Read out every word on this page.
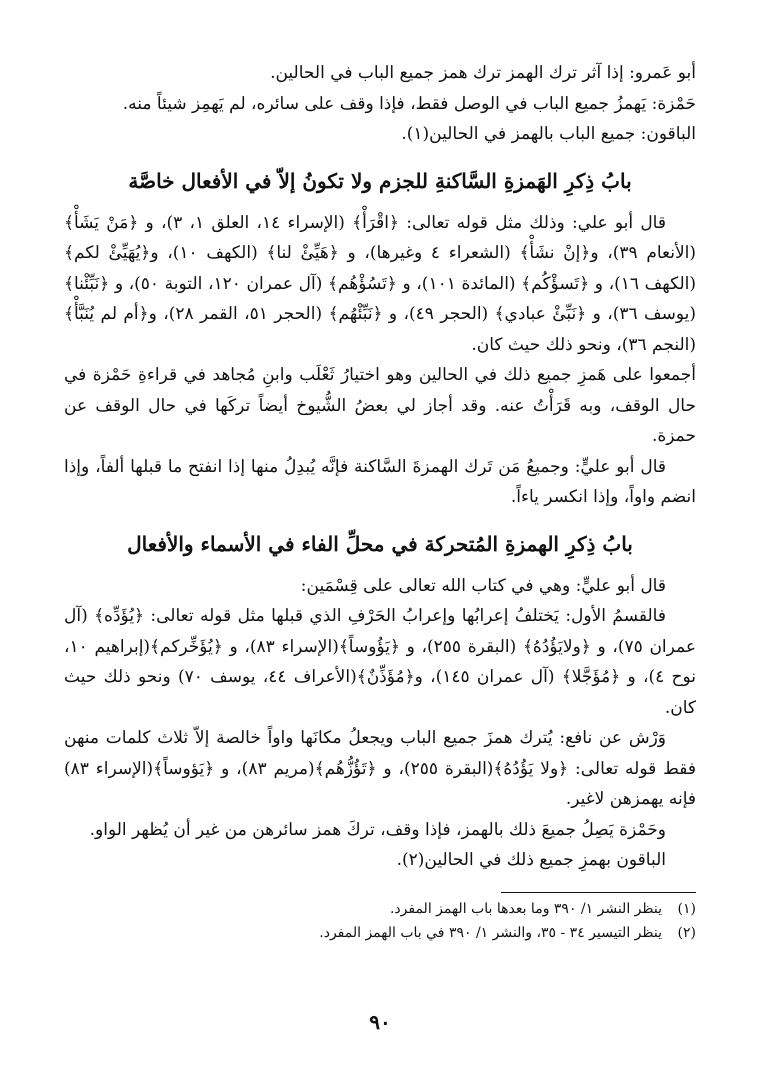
أبو عَمرو: إذا آثر ترك الهمز ترك همز جميع الباب في الحالين.
حَمْزة: يَهمزُ جميع الباب في الوصل فقط، فإذا وقف على سائره، لم يَهمِز شيئاً منه.
الباقون: جميع الباب بالهمز في الحالين(١).
بابُ ذِكرِ الهَمزةِ السَّاكنةِ للجزم ولا تكونُ إلاّ في الأفعال خاصَّة
قال أبو علي: وذلك مثل قوله تعالى: ﴿اقْرَأْ﴾ (الإسراء ١٤، العلق ١، ٣)، و ﴿مَنْ يَشَأْ﴾ (الأنعام ٣٩)، و﴿إنْ نشَأْ﴾ (الشعراء ٤ وغيرها)، و ﴿هَيِّئْ لنا﴾ (الكهف ١٠)، و﴿يُهَيِّئْ لكم﴾ (الكهف ١٦)، و ﴿تَسؤْكُم﴾ (المائدة ١٠١)، و ﴿تَسُؤْهُم﴾ (آل عمران ١٢٠، التوبة ٥٠)، و ﴿نَبِّئْنا﴾ (يوسف ٣٦)، و ﴿نَبِّئْ عبادي﴾ (الحجر ٤٩)، و ﴿نَبِّئْهُم﴾ (الحجر ٥١، القمر ٢٨)، و﴿أم لم يُنَبَّأْ﴾ (النجم ٣٦)، ونحو ذلك حيث كان.
أجمعوا على هَمزِ جميع ذلك في الحالين وهو اختيارُ ثَعْلَب وابنِ مُجاهد في قراءةِ حَمْزة في حال الوقف، وبه قَرَأْتُ عنه. وقد أجاز لي بعضُ الشُّيوخ أيضاً تركَها في حال الوقف عن حمزة.
قال أبو عليٍّ: وجميعُ مَن تَرك الهمزةَ السَّاكنة فإنَّه يُبدِلُ منها إذا انفتح ما قبلها ألفاً، وإذا انضم واواً، وإذا انكسر ياءاً.
بابُ ذِكرِ الهمزةِ المُتحركة في محلِّ الفاء في الأسماء والأفعال
قال أبو عليٍّ: وهي في كتاب الله تعالى على قِسْمَين:
فالقسمُ الأول: يَختلفُ إعرابُها وإعرابُ الحَرْفِ الذي قبلها مثل قوله تعالى: ﴿يُؤَدِّه﴾ (آل عمران ٧٥)، و ﴿ولايَؤُدُهُ﴾ (البقرة ٢٥٥)، و ﴿يَؤُوساً﴾(الإسراء ٨٣)، و ﴿يُؤَخِّركم﴾(إبراهيم ١٠، نوح ٤)، و ﴿مُؤَجَّلا﴾ (آل عمران ١٤٥)، و﴿مُؤَذِّنٌ﴾(الأعراف ٤٤، يوسف ٧٠) ونحو ذلك حيث كان.
وَرْش عن نافع: يُترك همزَ جميع الباب ويجعلُ مكانَها واواً خالصة إلاّ ثلاث كلمات منهن فقط قوله تعالى: ﴿ولا يَؤُدُهُ﴾(البقرة ٢٥٥)، و ﴿تَؤُزُّهُم﴾(مريم ٨٣)، و ﴿يَؤوساً﴾(الإسراء ٨٣) فإنه يهمزهن لاغير.
وحَمْزة يَصِلُ جميعَ ذلك بالهمز، فإذا وقف، تركَ همز سائرهن من غير أن يُظهر الواو.
الباقون بهمزِ جميع ذلك في الحالين(٢).
(١)ينظر النشر ١/ ٣٩٠ وما بعدها باب الهمز المفرد.
(٢)ينظر التيسير ٣٤ - ٣٥، والنشر ١/ ٣٩٠ في باب الهمز المفرد.
٩٠
